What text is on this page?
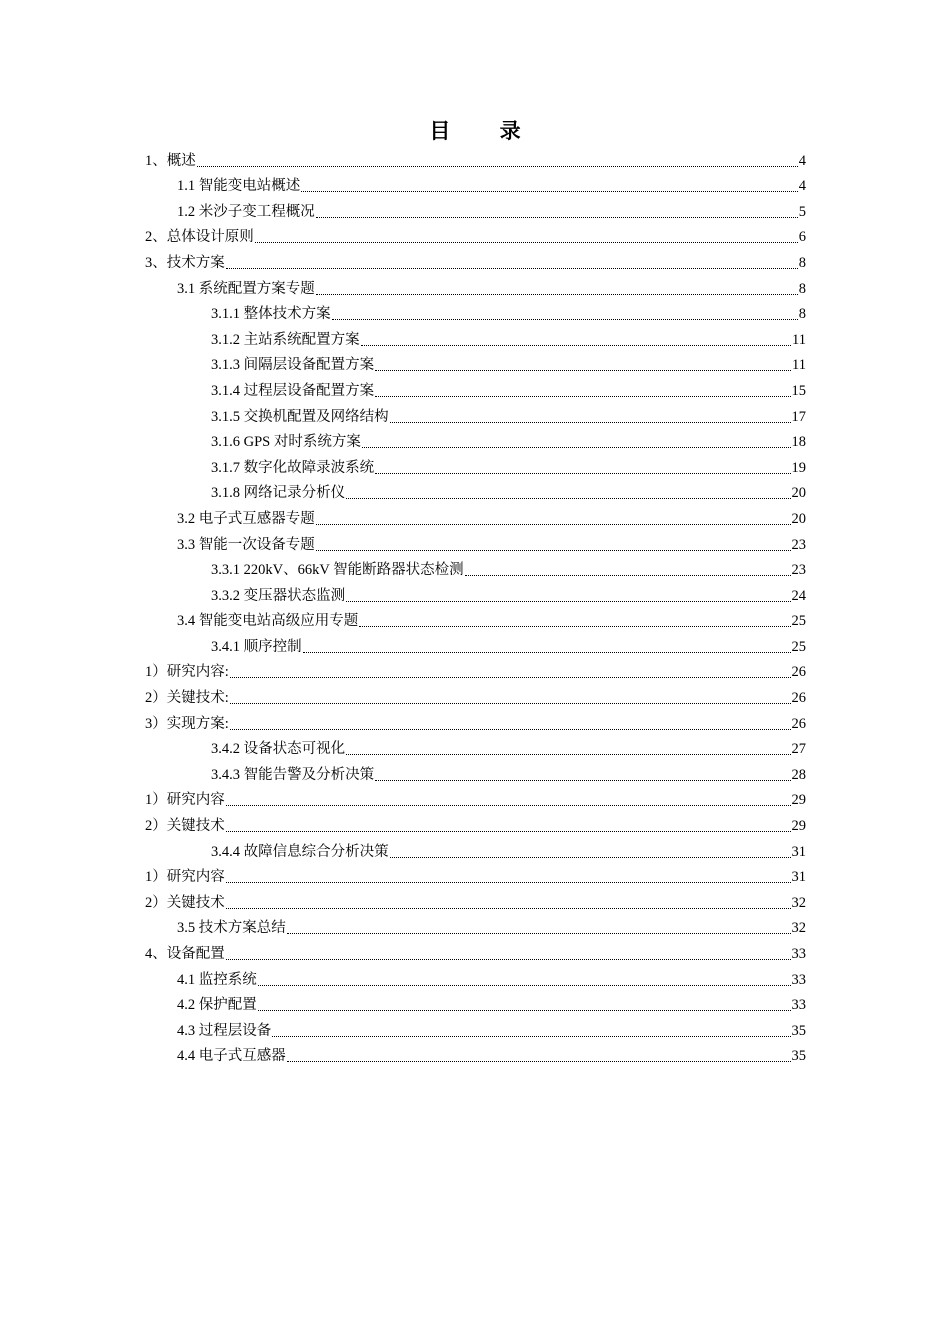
目 录
1、概述	4
1.1 智能变电站概述	4
1.2 米沙子变工程概况	5
2、总体设计原则	6
3、技术方案	8
3.1 系统配置方案专题	8
3.1.1 整体技术方案	8
3.1.2 主站系统配置方案	11
3.1.3 间隔层设备配置方案	11
3.1.4 过程层设备配置方案	15
3.1.5 交换机配置及网络结构	17
3.1.6 GPS 对时系统方案	18
3.1.7 数字化故障录波系统	19
3.1.8 网络记录分析仪	20
3.2 电子式互感器专题	20
3.3 智能一次设备专题	23
3.3.1 220kV、66kV 智能断路器状态检测	23
3.3.2 变压器状态监测	24
3.4 智能变电站高级应用专题	25
3.4.1 顺序控制	25
1）研究内容:	26
2）关键技术:	26
3）实现方案:	26
3.4.2 设备状态可视化	27
3.4.3 智能告警及分析决策	28
1）研究内容	29
2）关键技术	29
3.4.4 故障信息综合分析决策	31
1）研究内容	31
2）关键技术	32
3.5 技术方案总结	32
4、设备配置	33
4.1 监控系统	33
4.2 保护配置	33
4.3 过程层设备	35
4.4 电子式互感器	35
